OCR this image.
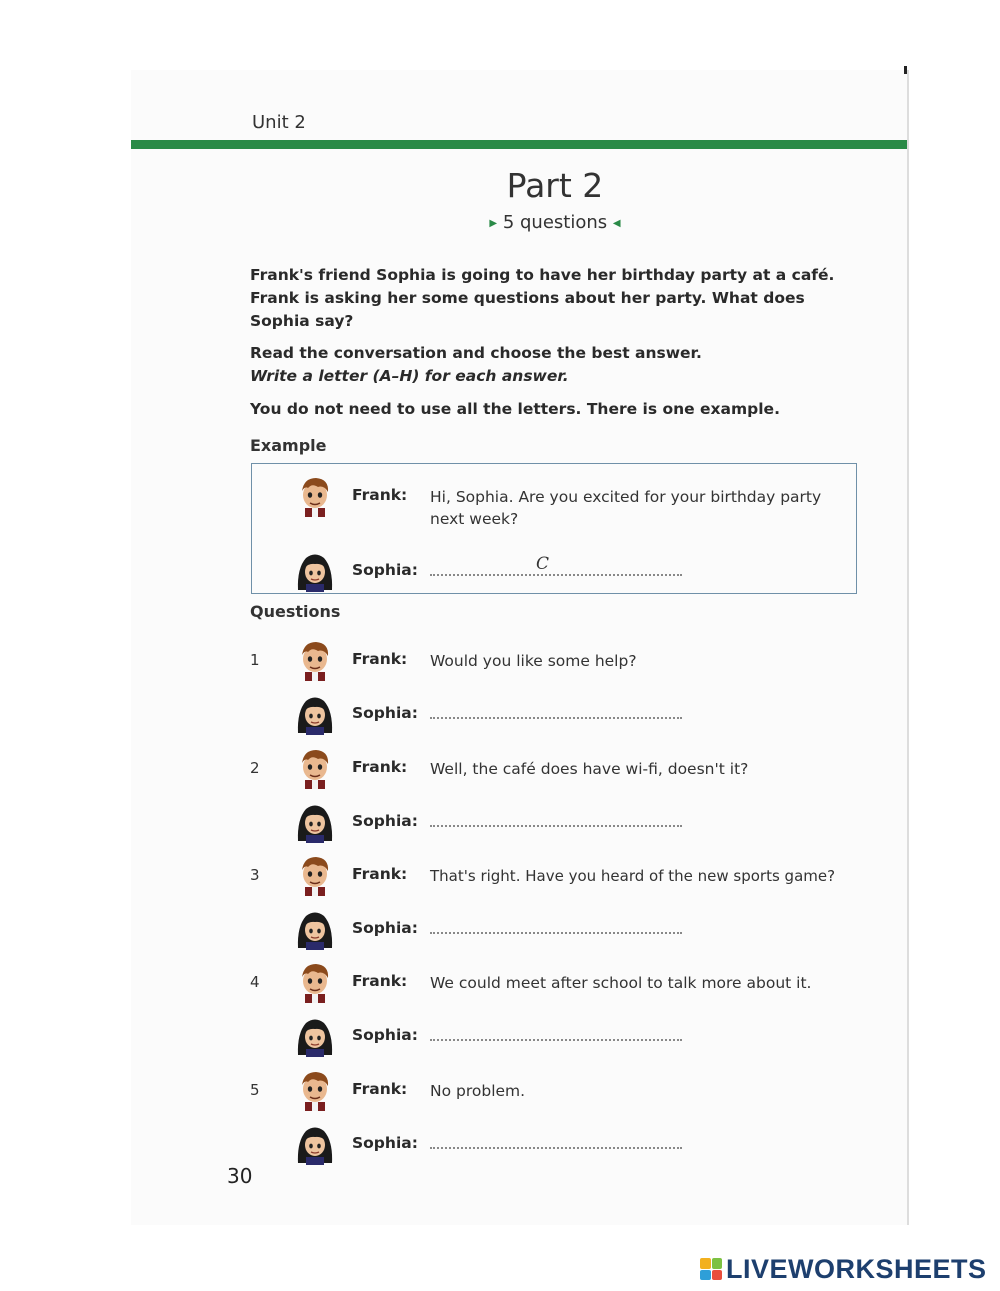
Unit 2
Part 2
▶ 5 questions ◀
Frank's friend Sophia is going to have her birthday party at a café. Frank is asking her some questions about her party. What does Sophia say?
Read the conversation and choose the best answer.
Write a letter (A–H) for each answer.
You do not need to use all the letters. There is one example.
Example
Frank: Hi, Sophia. Are you excited for your birthday party next week?
Sophia:	C
Questions
1	Frank: Would you like some help?
Sophia:
2	Frank: Well, the café does have wi-fi, doesn't it?
Sophia:
3	Frank: That's right. Have you heard of the new sports game?
Sophia:
4	Frank: We could meet after school to talk more about it.
Sophia:
5	Frank: No problem.
Sophia:
30
LIVEWORKSHEETS
